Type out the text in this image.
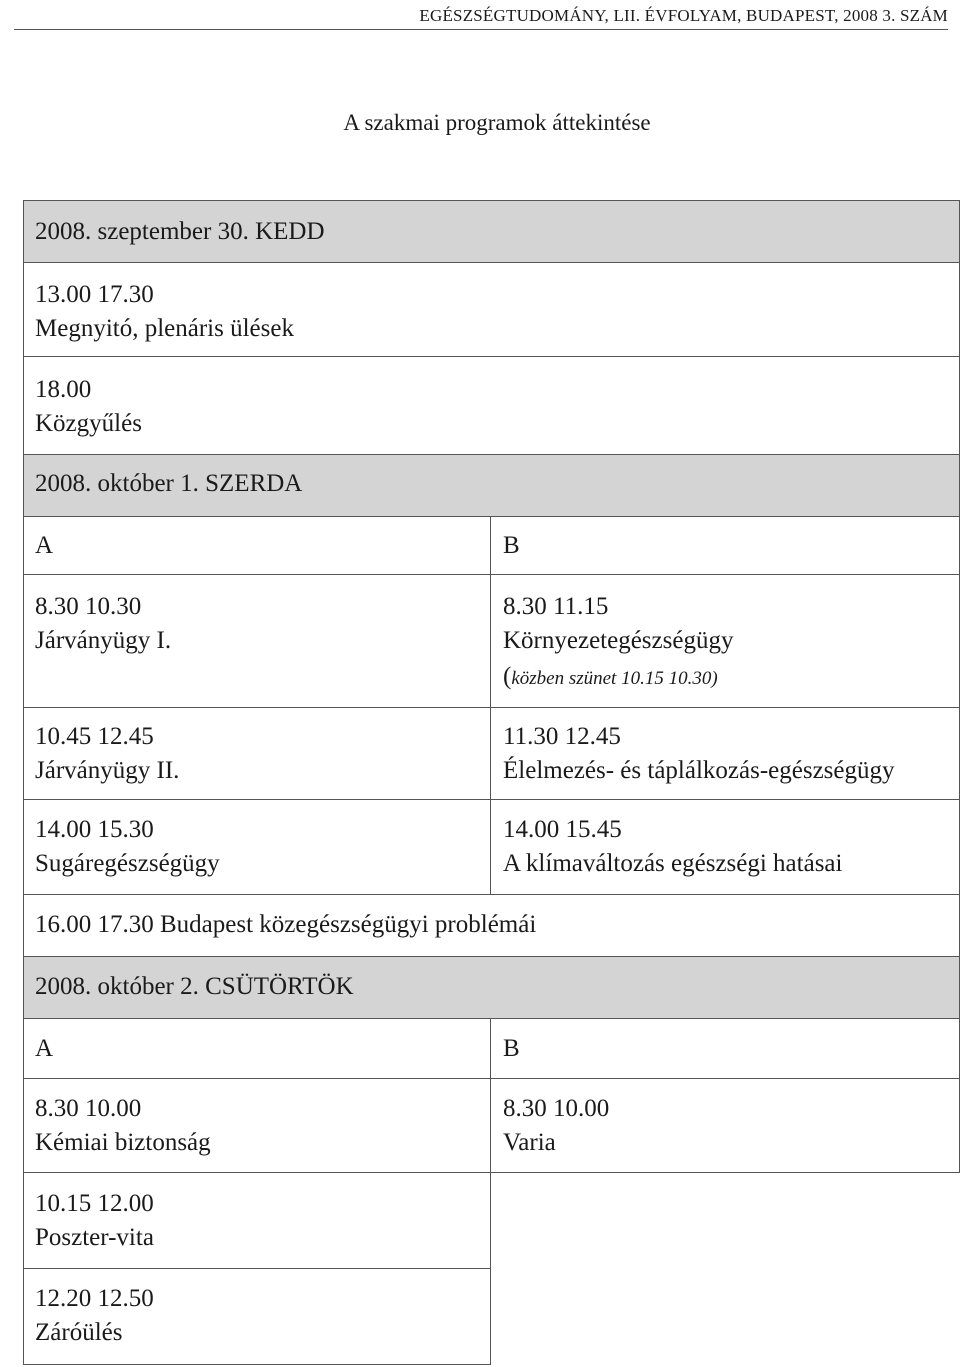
EGÉSZSÉGTUDOMÁNY, LII. ÉVFOLYAM, BUDAPEST, 2008 3. SZÁM
A szakmai programok áttekintése
2008. szeptember 30. KEDD
13.00 17.30
Megnyitó, plenáris ülések
18.00
Közgyűlés
2008. október 1. SZERDA
A	B
8.30 10.30
Járványügy I.
8.30 11.15
Környezetegészségügy
(közben szünet 10.15 10.30)
10.45 12.45
Járványügy II.
11.30 12.45
Élelmezés- és táplálkozás-egészségügy
14.00 15.30
Sugáregészségügy
14.00 15.45
A klímaváltozás egészségi hatásai
16.00 17.30 Budapest közegészségügyi problémái
2008. október 2. CSÜTÖRTÖK
A	B
8.30 10.00
Kémiai biztonság
8.30 10.00
Varia
10.15 12.00
Poszter-vita
12.20 12.50
Záróülés
